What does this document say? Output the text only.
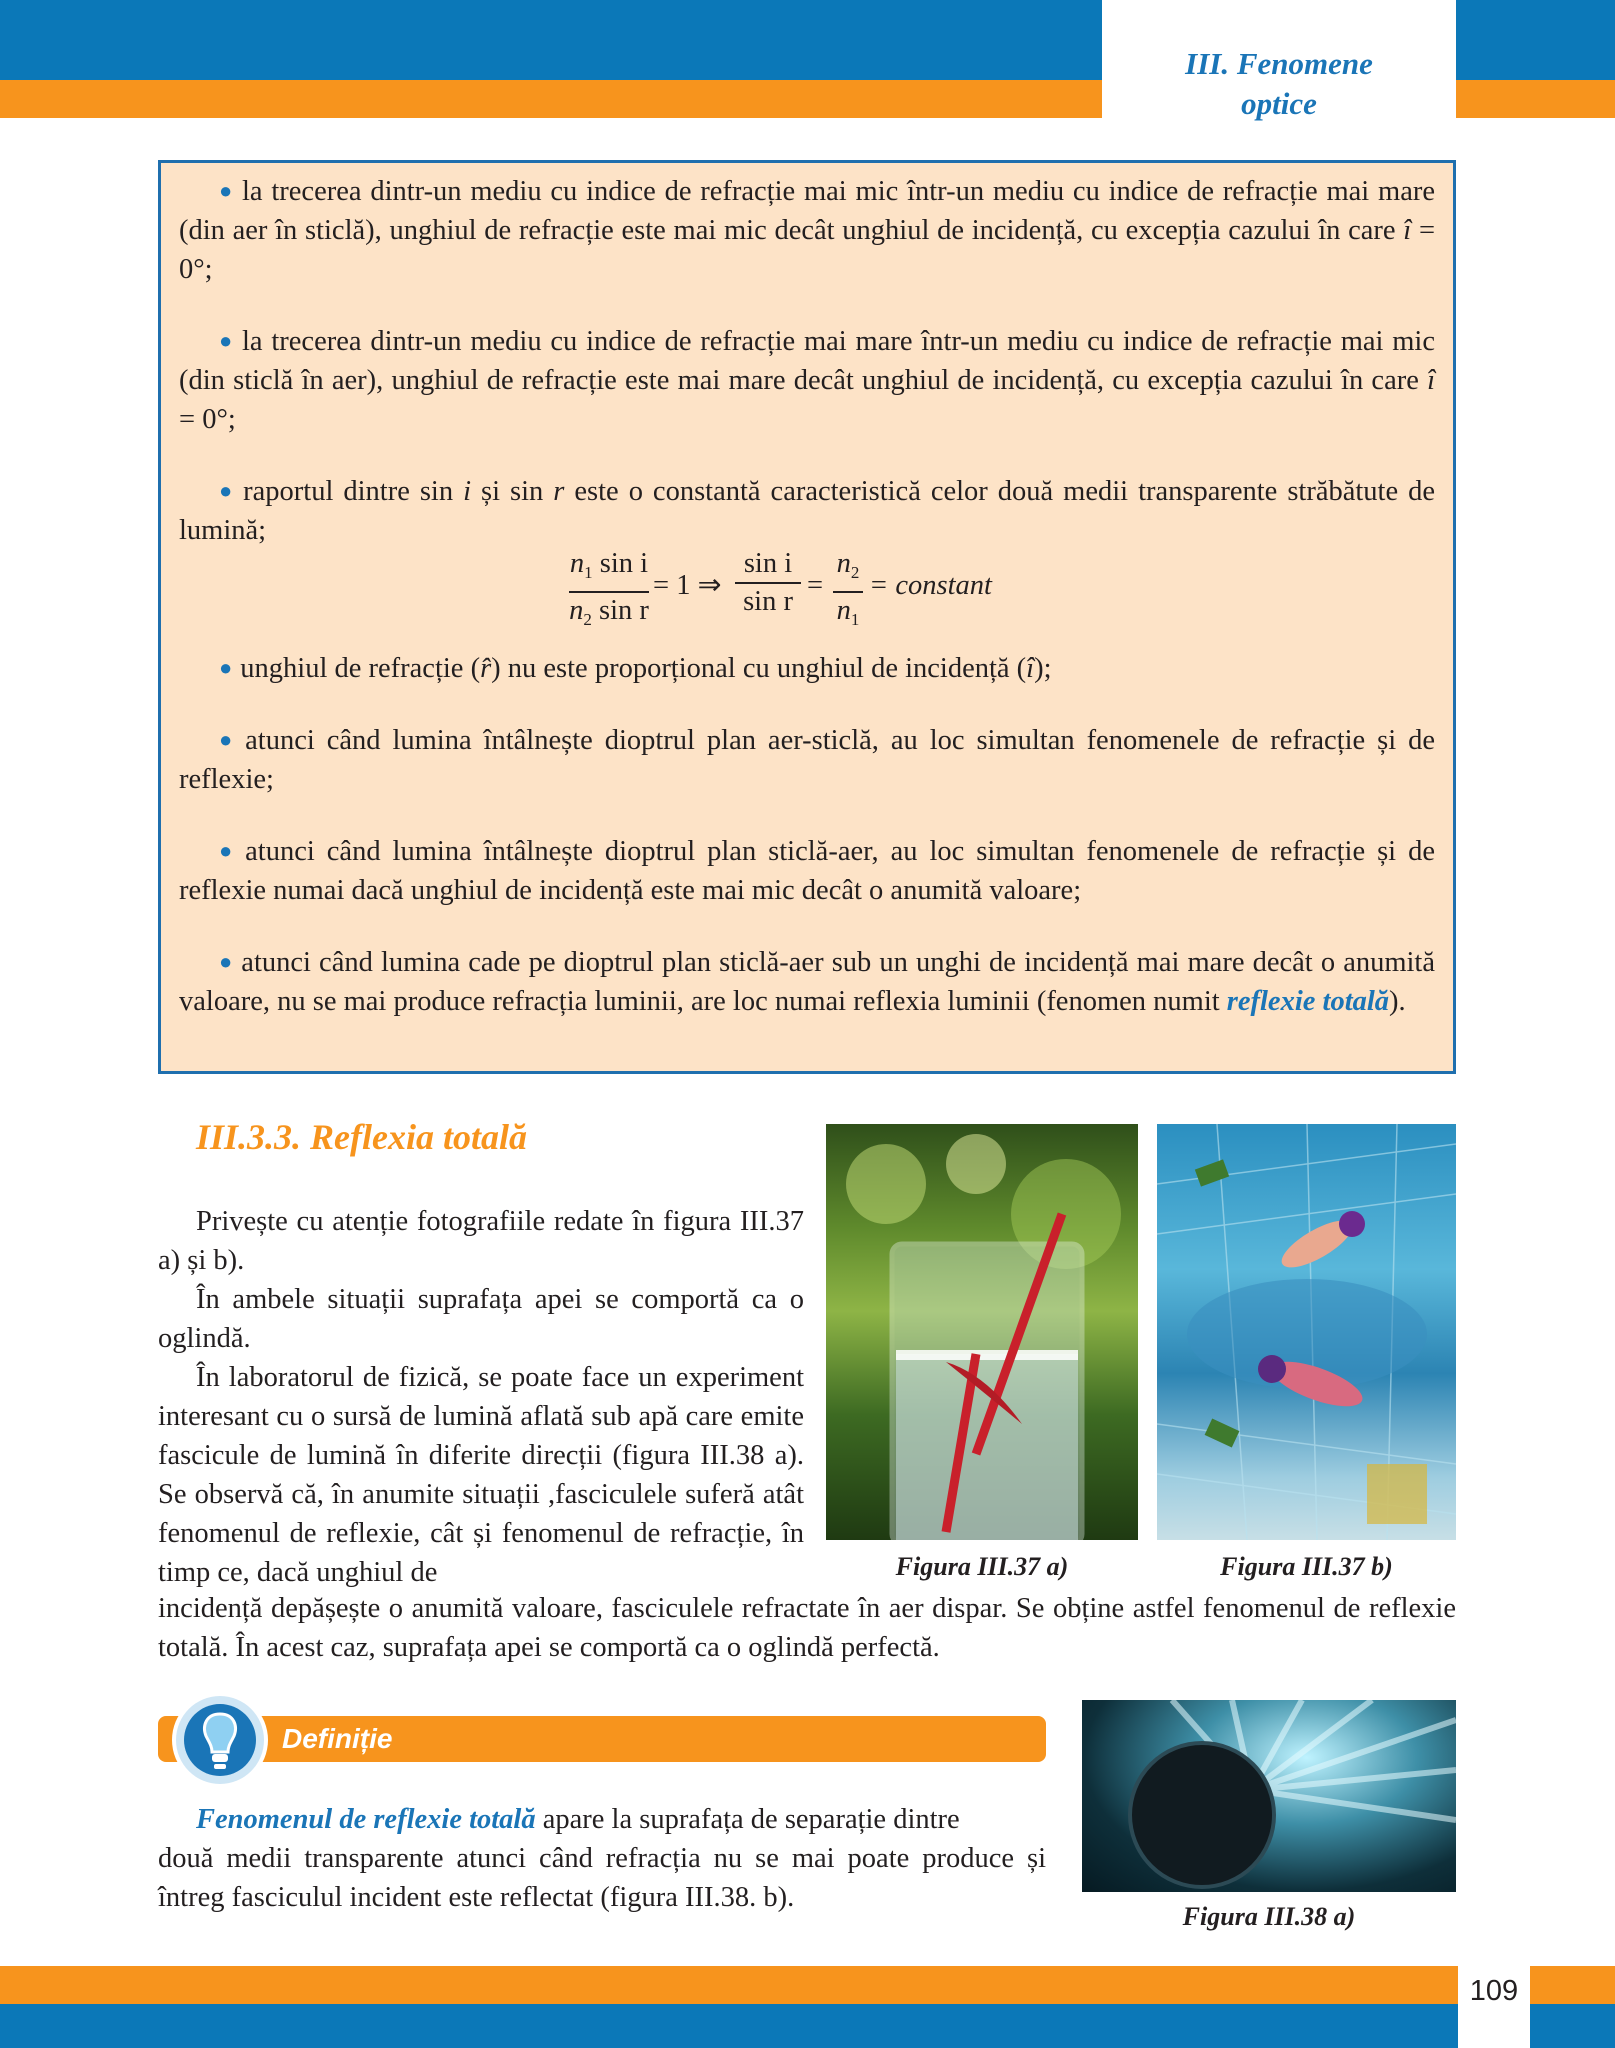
III. Fenomene
optice

● la trecerea dintr-un mediu cu indice de refracție mai mic într-un mediu cu indice de refracție mai mare (din aer în sticlă), unghiul de refracție este mai mic decât unghiul de incidență, cu excepția cazului în care î = 0°;

● la trecerea dintr-un mediu cu indice de refracție mai mare într-un mediu cu indice de refracție mai mic (din sticlă în aer), unghiul de refracție este mai mare decât unghiul de incidență, cu excepția cazului în care î = 0°;

● raportul dintre sin i și sin r este o constantă caracteristică celor două medii transparente străbătute de lumină;

$\frac{n_1 \sin i}{n_2 \sin r} = 1$ ⇒ $\frac{\text{sin i}}{\text{sin r}} = \frac{n_2}{n_1}$ = constant

● unghiul de refracție (r̂) nu este proporțional cu unghiul de incidență (î);

● atunci când lumina întâlnește dioptrul plan aer-sticlă, au loc simultan fenomenele de refracție și de reflexie;

● atunci când lumina întâlnește dioptrul plan sticlă-aer, au loc simultan fenomenele de refracție și de reflexie numai dacă unghiul de incidență este mai mic decât o anumită valoare;

● atunci când lumina cade pe dioptrul plan sticlă-aer sub un unghi de incidență mai mare decât o anumită valoare, nu se mai produce refracția luminii, are loc numai reflexia luminii (fenomen numit reflexie totală).

III.3.3. Reflexia totală

Privește cu atenție fotografiile redate în figura III.37 a) și b).

În ambele situații suprafața apei se comportă ca o oglindă.

În laboratorul de fizică, se poate face un experiment interesant cu o sursă de lumină aflată sub apă care emite fascicule de lumină în diferite direcții (figura III.38 a). Se observă că, în anumite situații ,fasciculele suferă atât fenomenul de reflexie, cât și fenomenul de refracție, în timp ce, dacă unghiul de

incidență depășește o anumită valoare, fasciculele refractate în aer dispar. Se obține astfel fenomenul de reflexie totală. În acest caz, suprafața apei se comportă ca o oglindă perfectă.
Figura III.37 a)	Figura III.37 b)
Figura III.38 a)
Definiție
Fenomenul de reflexie totală apare la suprafața de separație dintre
două medii transparente atunci când refracția nu se mai poate produce și întreg fasciculul incident este reflectat (figura III.38. b).
109
